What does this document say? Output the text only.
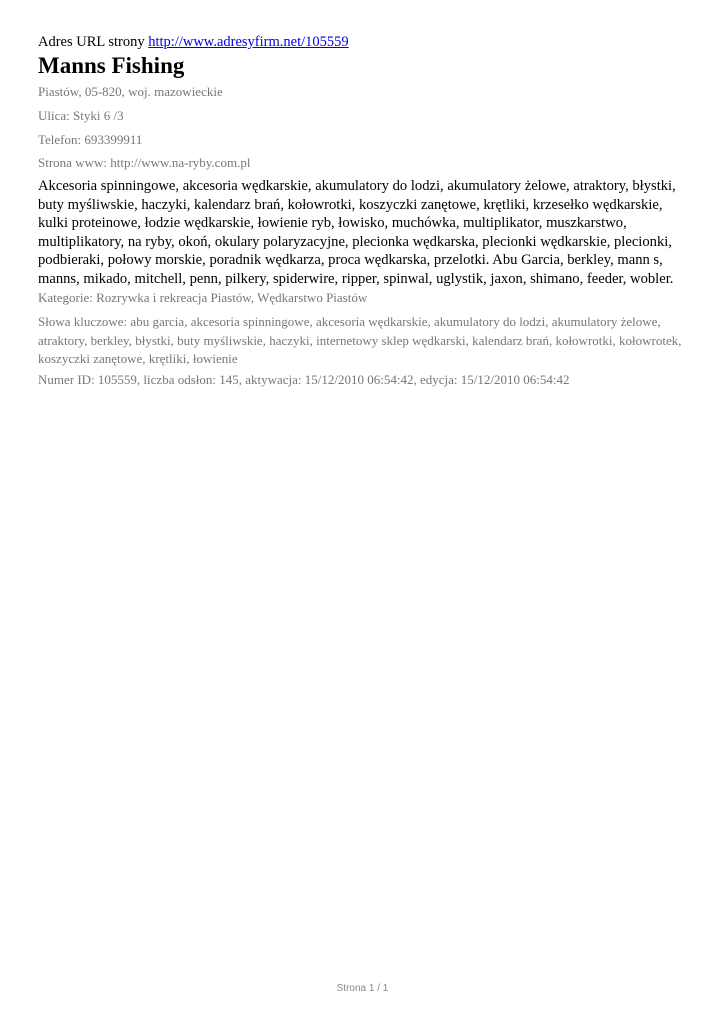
Adres URL strony http://www.adresyfirm.net/105559
Manns Fishing
Piastów, 05-820, woj. mazowieckie
Ulica: Styki 6 /3
Telefon: 693399911
Strona www: http://www.na-ryby.com.pl
Akcesoria spinningowe, akcesoria wędkarskie, akumulatory do lodzi, akumulatory żelowe, atraktory, błystki, buty myśliwskie, haczyki, kalendarz brań, kołowrotki, koszyczki zanętowe, krętliki, krzesełko wędkarskie, kulki proteinowe, łodzie wędkarskie, łowienie ryb, łowisko, muchówka, multiplikator, muszkarstwo, multiplikatory, na ryby, okoń, okulary polaryzacyjne, plecionka wędkarska, plecionki wędkarskie, plecionki, podbieraki, połowy morskie, poradnik wędkarza, proca wędkarska, przelotki. Abu Garcia, berkley, mann s, manns, mikado, mitchell, penn, pilkery, spiderwire, ripper, spinwal, uglystik, jaxon, shimano, feeder, wobler.
Kategorie: Rozrywka i rekreacja Piastów, Wędkarstwo Piastów
Słowa kluczowe: abu garcia, akcesoria spinningowe, akcesoria wędkarskie, akumulatory do lodzi, akumulatory żelowe, atraktory, berkley, błystki, buty myśliwskie, haczyki, internetowy sklep wędkarski, kalendarz brań, kołowrotki, kołowrotek, koszyczki zanętowe, krętliki, łowienie
Numer ID: 105559, liczba odsłon: 145, aktywacja: 15/12/2010 06:54:42, edycja: 15/12/2010 06:54:42
Strona 1 / 1
